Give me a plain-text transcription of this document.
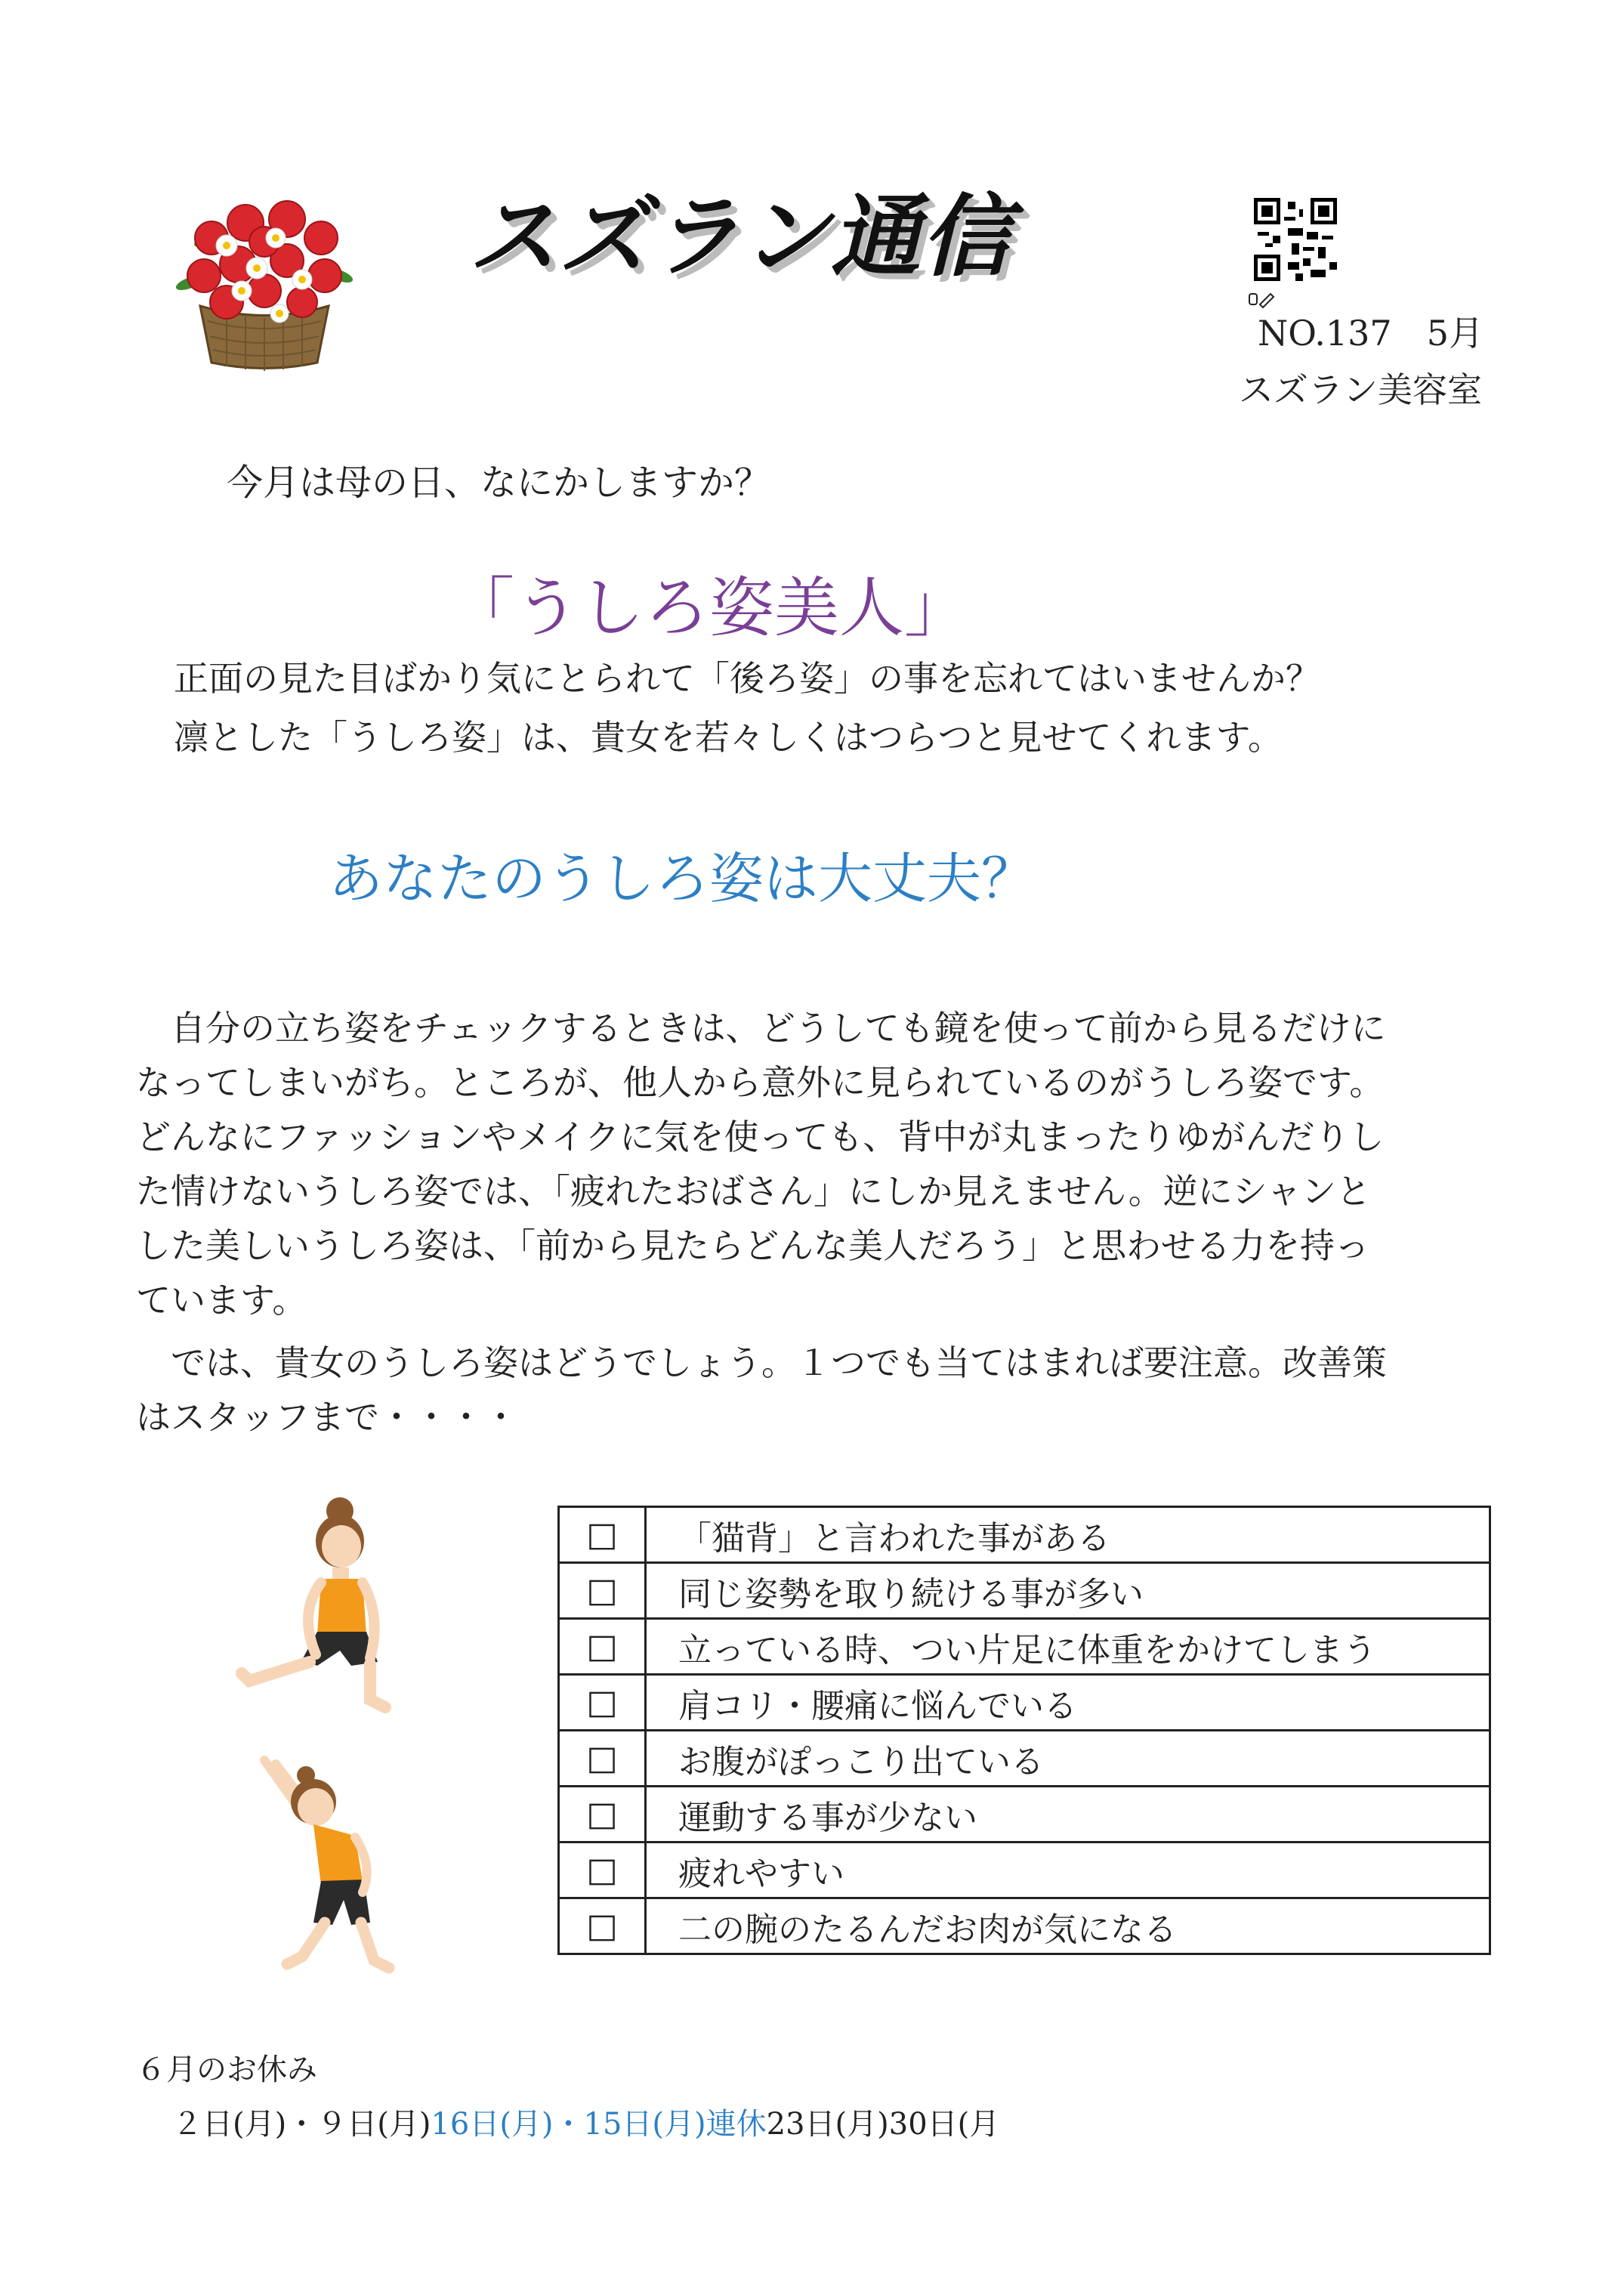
スズラン通信
NO.137　5月
スズラン美容室
今月は母の日、なにかしますか？
「うしろ姿美人」
正面の見た目ばかり気にとられて「後ろ姿」の事を忘れてはいませんか？
凛とした「うしろ姿」は、貴女を若々しくはつらつと見せてくれます。
あなたのうしろ姿は大丈夫？
　自分の立ち姿をチェックするときは、どうしても鏡を使って前から見るだけに
なってしまいがち。ところが、他人から意外に見られているのがうしろ姿です。
どんなにファッションやメイクに気を使っても、背中が丸まったりゆがんだりし
た情けないうしろ姿では、「疲れたおばさん」にしか見えません。逆にシャンと
した美しいうしろ姿は、「前から見たらどんな美人だろう」と思わせる力を持っ
ています。
　では、貴女のうしろ姿はどうでしょう。１つでも当てはまれば要注意。改善策
はスタッフまで・・・・
□	「猫背」と言われた事がある
□	同じ姿勢を取り続ける事が多い
□	立っている時、つい片足に体重をかけてしまう
□	肩コリ・腰痛に悩んでいる
□	お腹がぽっこり出ている
□	運動する事が少ない
□	疲れやすい
□	二の腕のたるんだお肉が気になる
６月のお休み
２日(月)・９日(月)16日(月)・15日(月)連休23日(月)30日(月
